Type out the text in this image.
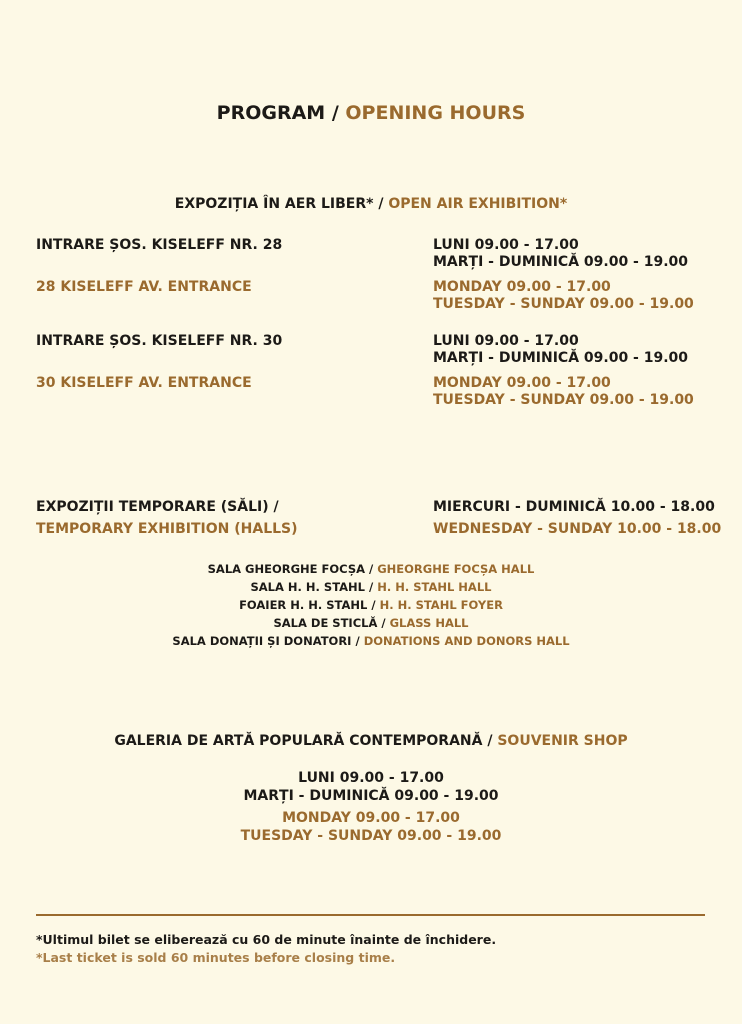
PROGRAM / OPENING HOURS
EXPOZIȚIA ÎN AER LIBER* / OPEN AIR EXHIBITION*
INTRARE ȘOS. KISELEFF NR. 28
28 KISELEFF AV. ENTRANCE
LUNI 09.00 - 17.00
MARȚI - DUMINICĂ 09.00 - 19.00
MONDAY 09.00 - 17.00
TUESDAY - SUNDAY 09.00 - 19.00
INTRARE ȘOS. KISELEFF NR. 30
30 KISELEFF AV. ENTRANCE
LUNI 09.00 - 17.00
MARȚI - DUMINICĂ 09.00 - 19.00
MONDAY 09.00 - 17.00
TUESDAY - SUNDAY 09.00 - 19.00
EXPOZIȚII TEMPORARE (SĂLI) /
TEMPORARY EXHIBITION (HALLS)
MIERCURI - DUMINICĂ 10.00 - 18.00
WEDNESDAY - SUNDAY 10.00 - 18.00
SALA GHEORGHE FOCȘA / GHEORGHE FOCȘA HALL
SALA H. H. STAHL / H. H. STAHL HALL
FOAIER H. H. STAHL / H. H. STAHL FOYER
SALA DE STICLĂ / GLASS HALL
SALA DONAȚII ȘI DONATORI / DONATIONS AND DONORS HALL
GALERIA DE ARTĂ POPULARĂ CONTEMPORANĂ / SOUVENIR SHOP
LUNI 09.00 - 17.00
MARȚI - DUMINICĂ 09.00 - 19.00
MONDAY 09.00 - 17.00
TUESDAY - SUNDAY 09.00 - 19.00
*Ultimul bilet se eliberează cu 60 de minute înainte de închidere.
*Last ticket is sold 60 minutes before closing time.
